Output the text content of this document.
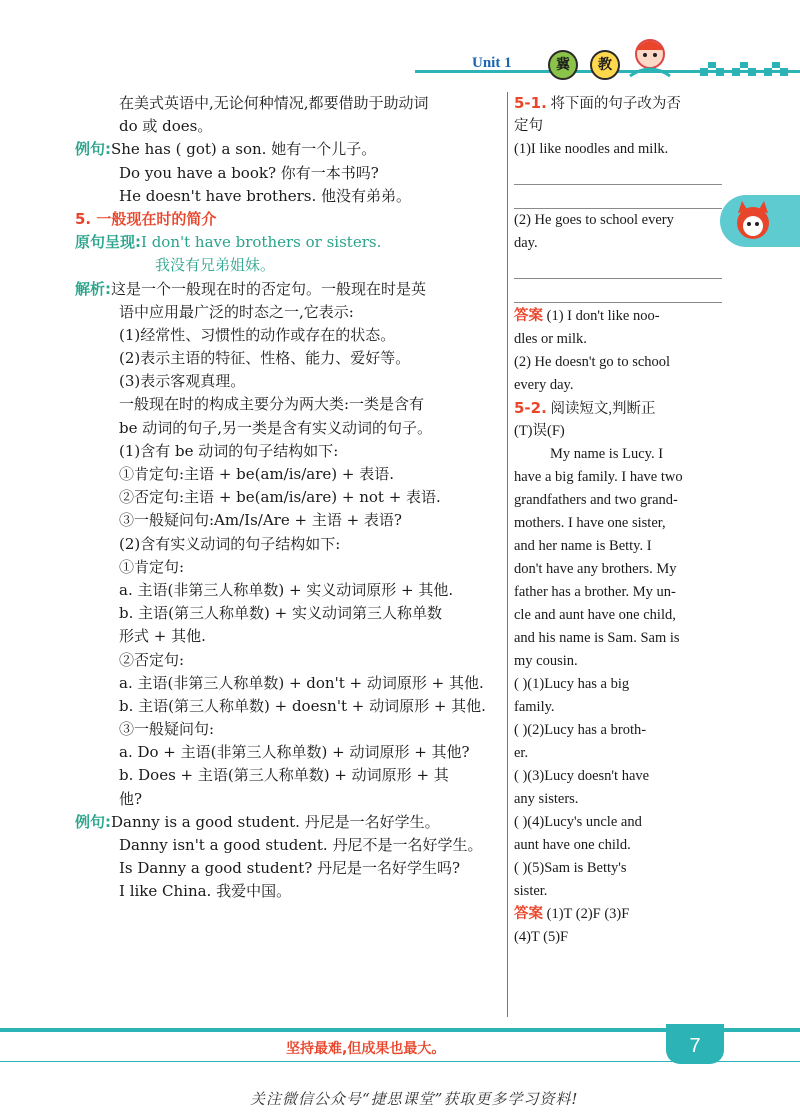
Unit 1	冀	教
在美式英语中,无论何种情况,都要借助于助动词
do 或 does。
例句:She has ( got) a son. 她有一个儿子。
Do you have a book? 你有一本书吗?
He doesn't have brothers. 他没有弟弟。
5. 一般现在时的简介
原句呈现:I don't have brothers or sisters.
我没有兄弟姐妹。
解析:这是一个一般现在时的否定句。一般现在时是英
语中应用最广泛的时态之一,它表示:
(1)经常性、习惯性的动作或存在的状态。
(2)表示主语的特征、性格、能力、爱好等。
(3)表示客观真理。
一般现在时的构成主要分为两大类:一类是含有
be 动词的句子,另一类是含有实义动词的句子。
(1)含有 be 动词的句子结构如下:
①肯定句:主语 + be(am/is/are) + 表语.
②否定句:主语 + be(am/is/are) + not + 表语.
③一般疑问句:Am/Is/Are + 主语 + 表语?
(2)含有实义动词的句子结构如下:
①肯定句:
a. 主语(非第三人称单数) + 实义动词原形 + 其他.
b. 主语(第三人称单数) + 实义动词第三人称单数
形式 + 其他.
②否定句:
a. 主语(非第三人称单数) + don't + 动词原形 + 其他.
b. 主语(第三人称单数) + doesn't + 动词原形 + 其他.
③一般疑问句:
a. Do + 主语(非第三人称单数) + 动词原形 + 其他?
b. Does + 主语(第三人称单数) + 动词原形 + 其
他?
例句:Danny is a good student. 丹尼是一名好学生。
Danny isn't a good student. 丹尼不是一名好学生。
Is Danny a good student? 丹尼是一名好学生吗?
I like China. 我爱中国。
5-1. 将下面的句子改为否
定句
(1)I like noodles and milk.
(2) He goes to school every
day.
答案 (1) I don't like noo-
dles or milk.
(2) He doesn't go to school
every day.
5-2. 阅读短文,判断正
(T)误(F)
My name is Lucy. I
have a big family. I have two
grandfathers and two grand-
mothers. I have one sister,
and her name is Betty. I
don't have any brothers. My
father has a brother. My un-
cle and aunt have one child,
and his name is Sam. Sam is
my cousin.
( )(1)Lucy has a big
family.
( )(2)Lucy has a broth-
er.
( )(3)Lucy doesn't have
any sisters.
( )(4)Lucy's uncle and
aunt have one child.
( )(5)Sam is Betty's
sister.
答案 (1)T (2)F (3)F
(4)T (5)F
坚持最难,但成果也最大。	7
关注微信公众号“捷思课堂”获取更多学习资料!
